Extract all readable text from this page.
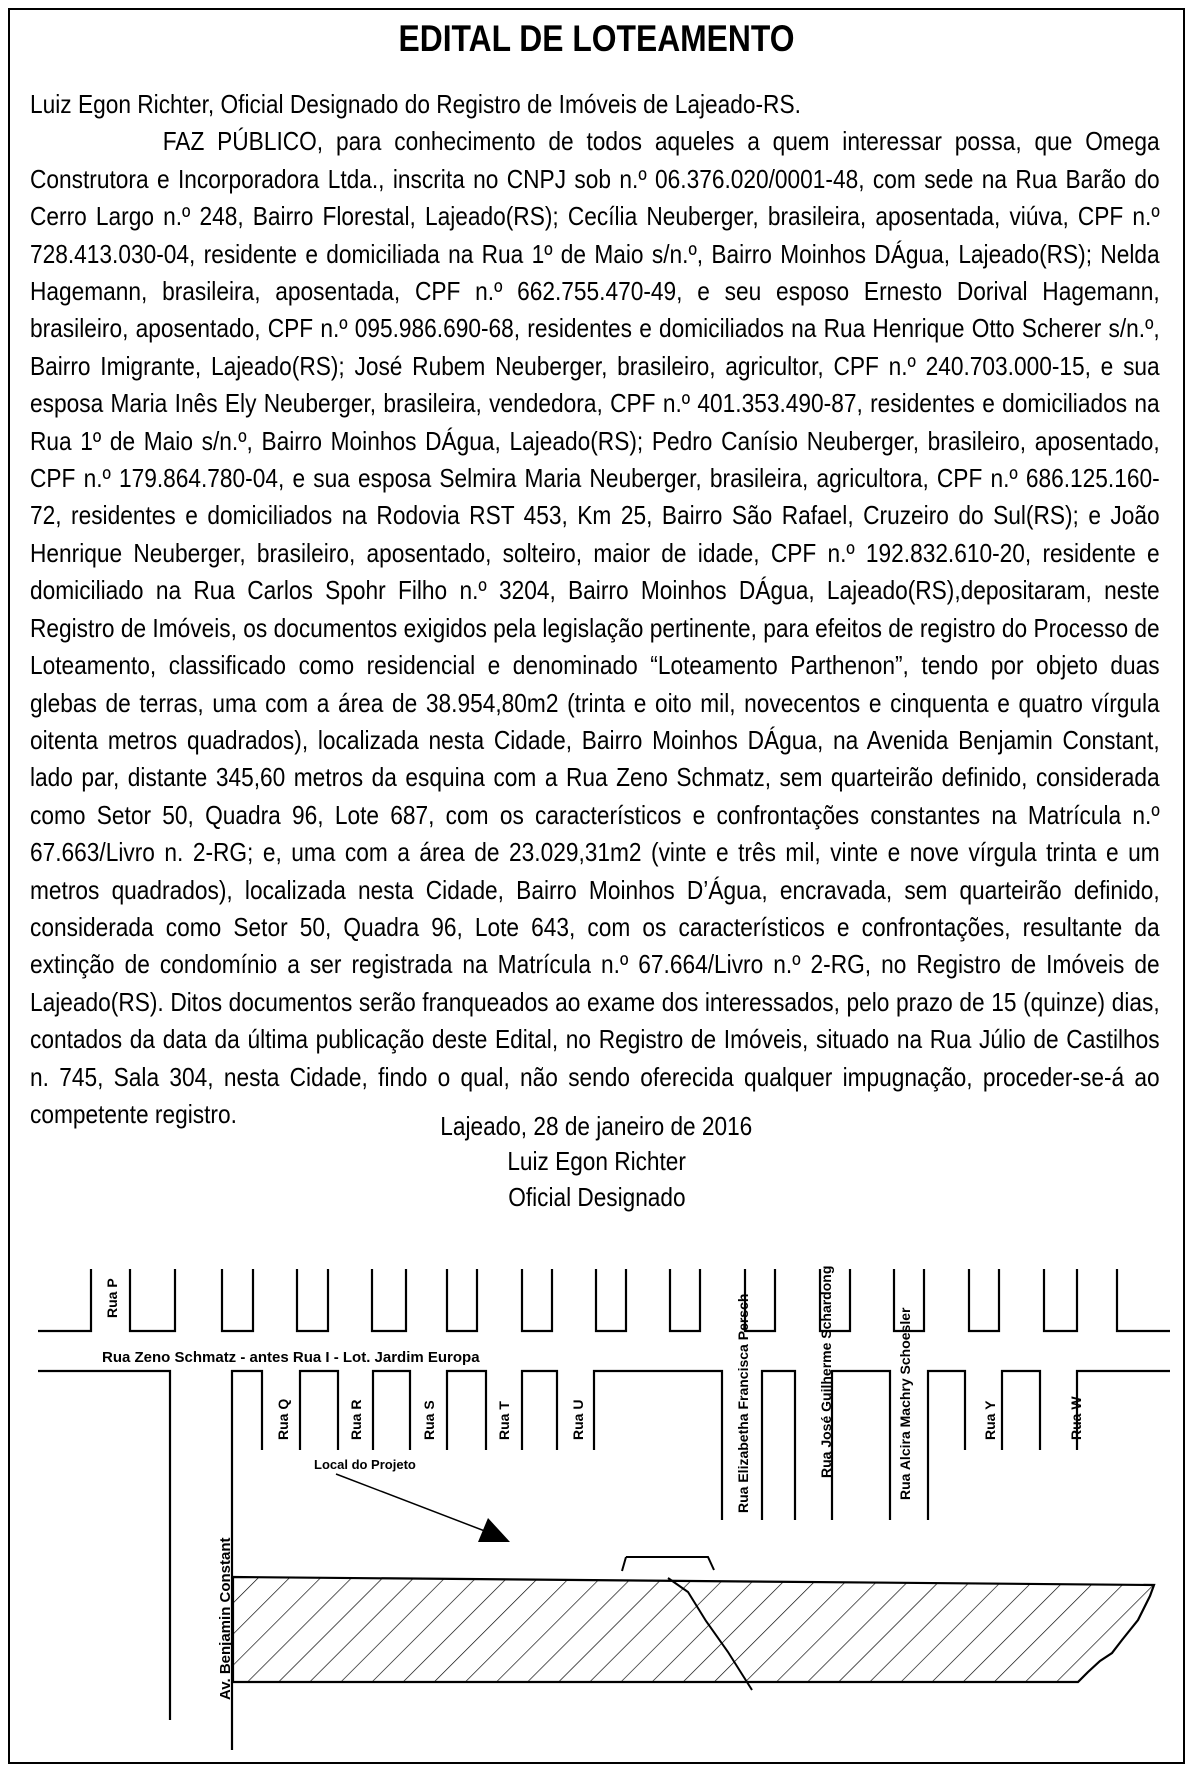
EDITAL DE LOTEAMENTO

Luiz Egon Richter, Oficial Designado do Registro de Imóveis de Lajeado-RS.

FAZ PÚBLICO, para conhecimento de todos aqueles a quem interessar possa, que Omega Construtora e Incorporadora Ltda., inscrita no CNPJ sob n.º 06.376.020/0001-48, com sede na Rua Barão do Cerro Largo n.º 248, Bairro Florestal, Lajeado(RS); Cecília Neuberger, brasileira, aposentada, viúva, CPF n.º 728.413.030-04, residente e domiciliada na Rua 1º de Maio s/n.º, Bairro Moinhos DÁgua, Lajeado(RS); Nelda Hagemann, brasileira, aposentada, CPF n.º 662.755.470-49, e seu esposo Ernesto Dorival Hagemann, brasileiro, aposentado, CPF n.º 095.986.690-68, residentes e domiciliados na Rua Henrique Otto Scherer s/n.º, Bairro Imigrante, Lajeado(RS); José Rubem Neuberger, brasileiro, agricultor, CPF n.º 240.703.000-15, e sua esposa Maria Inês Ely Neuberger, brasileira, vendedora, CPF n.º 401.353.490-87, residentes e domiciliados na Rua 1º de Maio s/n.º, Bairro Moinhos DÁgua, Lajeado(RS); Pedro Canísio Neuberger, brasileiro, aposentado, CPF n.º 179.864.780-04, e sua esposa Selmira Maria Neuberger, brasileira, agricultora, CPF n.º 686.125.160-72, residentes e domiciliados na Rodovia RST 453, Km 25, Bairro São Rafael, Cruzeiro do Sul(RS); e João Henrique Neuberger, brasileiro, aposentado, solteiro, maior de idade, CPF n.º 192.832.610-20, residente e domiciliado na Rua Carlos Spohr Filho n.º 3204, Bairro Moinhos DÁgua, Lajeado(RS),depositaram, neste Registro de Imóveis, os documentos exigidos pela legislação pertinente, para efeitos de registro do Processo de Loteamento, classificado como residencial e denominado “Loteamento Parthenon”, tendo por objeto duas glebas de terras, uma com a área de 38.954,80m2 (trinta e oito mil, novecentos e cinquenta e quatro vírgula oitenta metros quadrados), localizada nesta Cidade, Bairro Moinhos DÁgua, na Avenida Benjamin Constant, lado par, distante 345,60 metros da esquina com a Rua Zeno Schmatz, sem quarteirão definido, considerada como Setor 50, Quadra 96, Lote 687, com os característicos e confrontações constantes na Matrícula n.º 67.663/Livro n. 2-RG; e, uma com a área de 23.029,31m2 (vinte e três mil, vinte e nove vírgula trinta e um metros quadrados), localizada nesta Cidade, Bairro Moinhos D’Água, encravada, sem quarteirão definido, considerada como Setor 50, Quadra 96, Lote 643, com os característicos e confrontações, resultante da extinção de condomínio a ser registrada na Matrícula n.º 67.664/Livro n.º 2-RG, no Registro de Imóveis de Lajeado(RS). Ditos documentos serão franqueados ao exame dos interessados, pelo prazo de 15 (quinze) dias, contados da data da última publicação deste Edital, no Registro de Imóveis, situado na Rua Júlio de Castilhos n. 745, Sala 304, nesta Cidade, findo o qual, não sendo oferecida qualquer impugnação, proceder-se-á ao competente registro.	Lajeado, 28 de janeiro de 2016
Luiz Egon Richter
Oficial Designado
Rua Zeno Schmatz - antes Rua I - Lot. Jardim Europa
Local do Projeto
Av. Benjamin Constant
Rua P
Rua Q	Rua R	Rua S	Rua T	Rua U	Rua Elizabetha Francisca Persch	Rua José Guilherme Schardong	Rua Alcira Machry Schoesler	Rua Y	Rua W
